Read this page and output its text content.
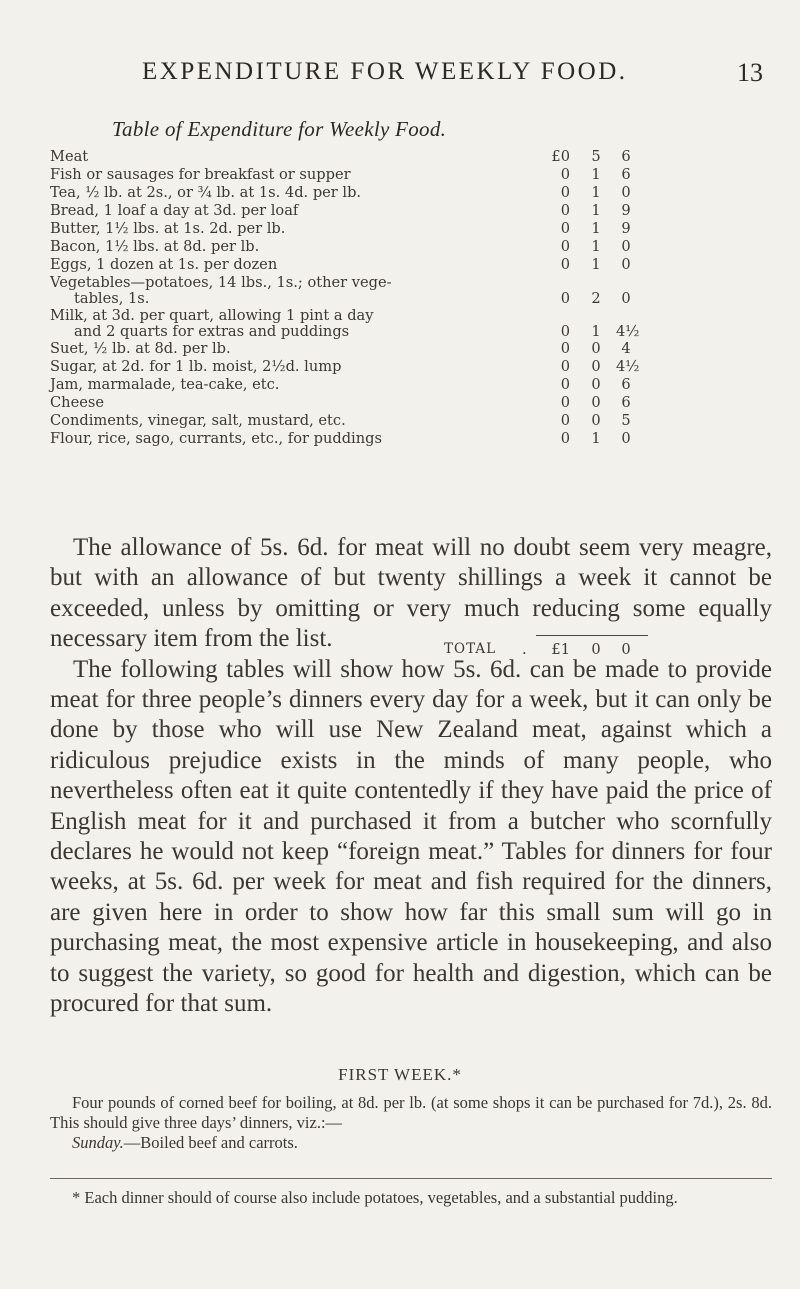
EXPENDITURE FOR WEEKLY FOOD.	13
Table of Expenditure for Weekly Food.
Meat	£0	5	6
Fish or sausages for breakfast or supper	0	1	6
Tea, ½ lb. at 2s., or ¾ lb. at 1s. 4d. per lb.	0	1	0
Bread, 1 loaf a day at 3d. per loaf	0	1	9
Butter, 1½ lbs. at 1s. 2d. per lb.	0	1	9
Bacon, 1½ lbs. at 8d. per lb.	0	1	0
Eggs, 1 dozen at 1s. per dozen	0	1	0
Vegetables—potatoes, 14 lbs., 1s.; other vege-
tables, 1s.	0	2	0
Milk, at 3d. per quart, allowing 1 pint a day
and 2 quarts for extras and puddings	0	1	4½
Suet, ½ lb. at 8d. per lb.	0	0	4
Sugar, at 2d. for 1 lb. moist, 2½d. lump	0	0	4½
Jam, marmalade, tea-cake, etc.	0	0	6
Cheese	0	0	6
Condiments, vinegar, salt, mustard, etc.	0	0	5
Flour, rice, sago, currants, etc., for puddings	0	1	0
TOTAL .	£1	0	0

The allowance of 5s. 6d. for meat will no doubt seem very meagre, but with an allowance of but twenty shillings a week it cannot be exceeded, unless by omitting or very much reducing some equally necessary item from the list.

The following tables will show how 5s. 6d. can be made to provide meat for three people’s dinners every day for a week, but it can only be done by those who will use New Zealand meat, against which a ridiculous prejudice exists in the minds of many people, who nevertheless often eat it quite contentedly if they have paid the price of English meat for it and purchased it from a butcher who scornfully declares he would not keep “foreign meat.” Tables for dinners for four weeks, at 5s. 6d. per week for meat and fish required for the dinners, are given here in order to show how far this small sum will go in purchasing meat, the most expensive article in housekeeping, and also to suggest the variety, so good for health and digestion, which can be procured for that sum.

FIRST WEEK.*

Four pounds of corned beef for boiling, at 8d. per lb. (at some shops it can be purchased for 7d.), 2s. 8d. This should give three days’ dinners, viz.:—

Sunday.—Boiled beef and carrots.

* Each dinner should of course also include potatoes, vegetables, and a substantial pudding.
